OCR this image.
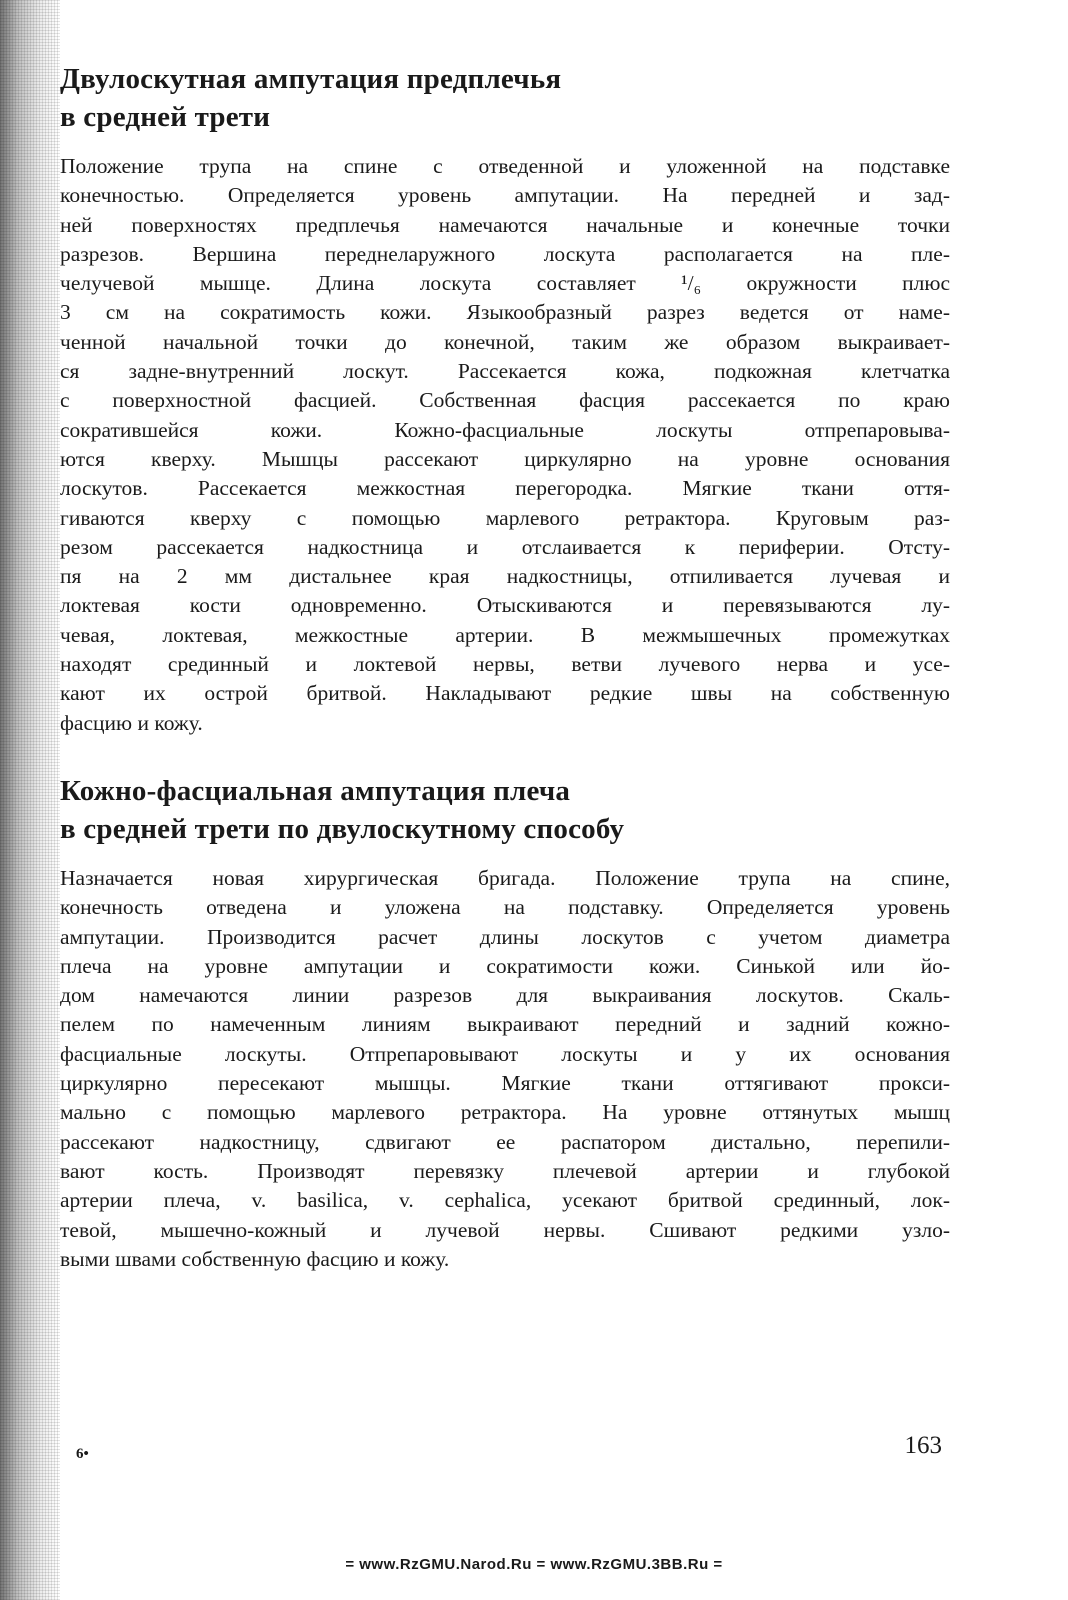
Двулоскутная ампутация предплечья
в средней трети

Положение трупа на спине с отведенной и уложенной на подставке
конечностью. Определяется уровень ампутации. На передней и зад-
ней поверхностях предплечья намечаются начальные и конечные точки
разрезов. Вершина переднеларужного лоскута располагается на пле-
челучевой мышце. Длина лоскута составляет ¹/₆ окружности плюс
3 см на сократимость кожи. Языкообразный разрез ведется от наме-
ченной начальной точки до конечной, таким же образом выкраивает-
ся задне-внутренний лоскут. Рассекается кожа, подкожная клетчатка
с поверхностной фасцией. Собственная фасция рассекается по краю
сократившейся кожи. Кожно-фасциальные лоскуты отпрепаровыва-
ются кверху. Мышцы рассекают циркулярно на уровне основания
лоскутов. Рассекается межкостная перегородка. Мягкие ткани оття-
гиваются кверху с помощью марлевого ретрактора. Круговым раз-
резом рассекается надкостница и отслаивается к периферии. Отсту-
пя на 2 мм дистальнее края надкостницы, отпиливается лучевая и
локтевая кости одновременно. Отыскиваются и перевязываются лу-
чевая, локтевая, межкостные артерии. В межмышечных промежутках
находят срединный и локтевой нервы, ветви лучевого нерва и усе-
кают их острой бритвой. Накладывают редкие швы на собственную
фасцию и кожу.

Кожно-фасциальная ампутация плеча
в средней трети по двулоскутному способу

Назначается новая хирургическая бригада. Положение трупа на спине,
конечность отведена и уложена на подставку. Определяется уровень
ампутации. Производится расчет длины лоскутов с учетом диаметра
плеча на уровне ампутации и сократимости кожи. Синькой или йо-
дом намечаются линии разрезов для выкраивания лоскутов. Скаль-
пелем по намеченным линиям выкраивают передний и задний кожно-
фасциальные лоскуты. Отпрепаровывают лоскуты и у их основания
циркулярно пересекают мышцы. Мягкие ткани оттягивают прокси-
мально с помощью марлевого ретрактора. На уровне оттянутых мышц
рассекают надкостницу, сдвигают ее распатором дистально, перепили-
вают кость. Производят перевязку плечевой артерии и глубокой
артерии плеча, v. basilica, v. cephalica, усекают бритвой срединный, лок-
тевой, мышечно-кожный и лучевой нервы. Сшивают редкими узло-
выми швами собственную фасцию и кожу.

6•	163
= www.RzGMU.Narod.Ru = www.RzGMU.3BB.Ru =
